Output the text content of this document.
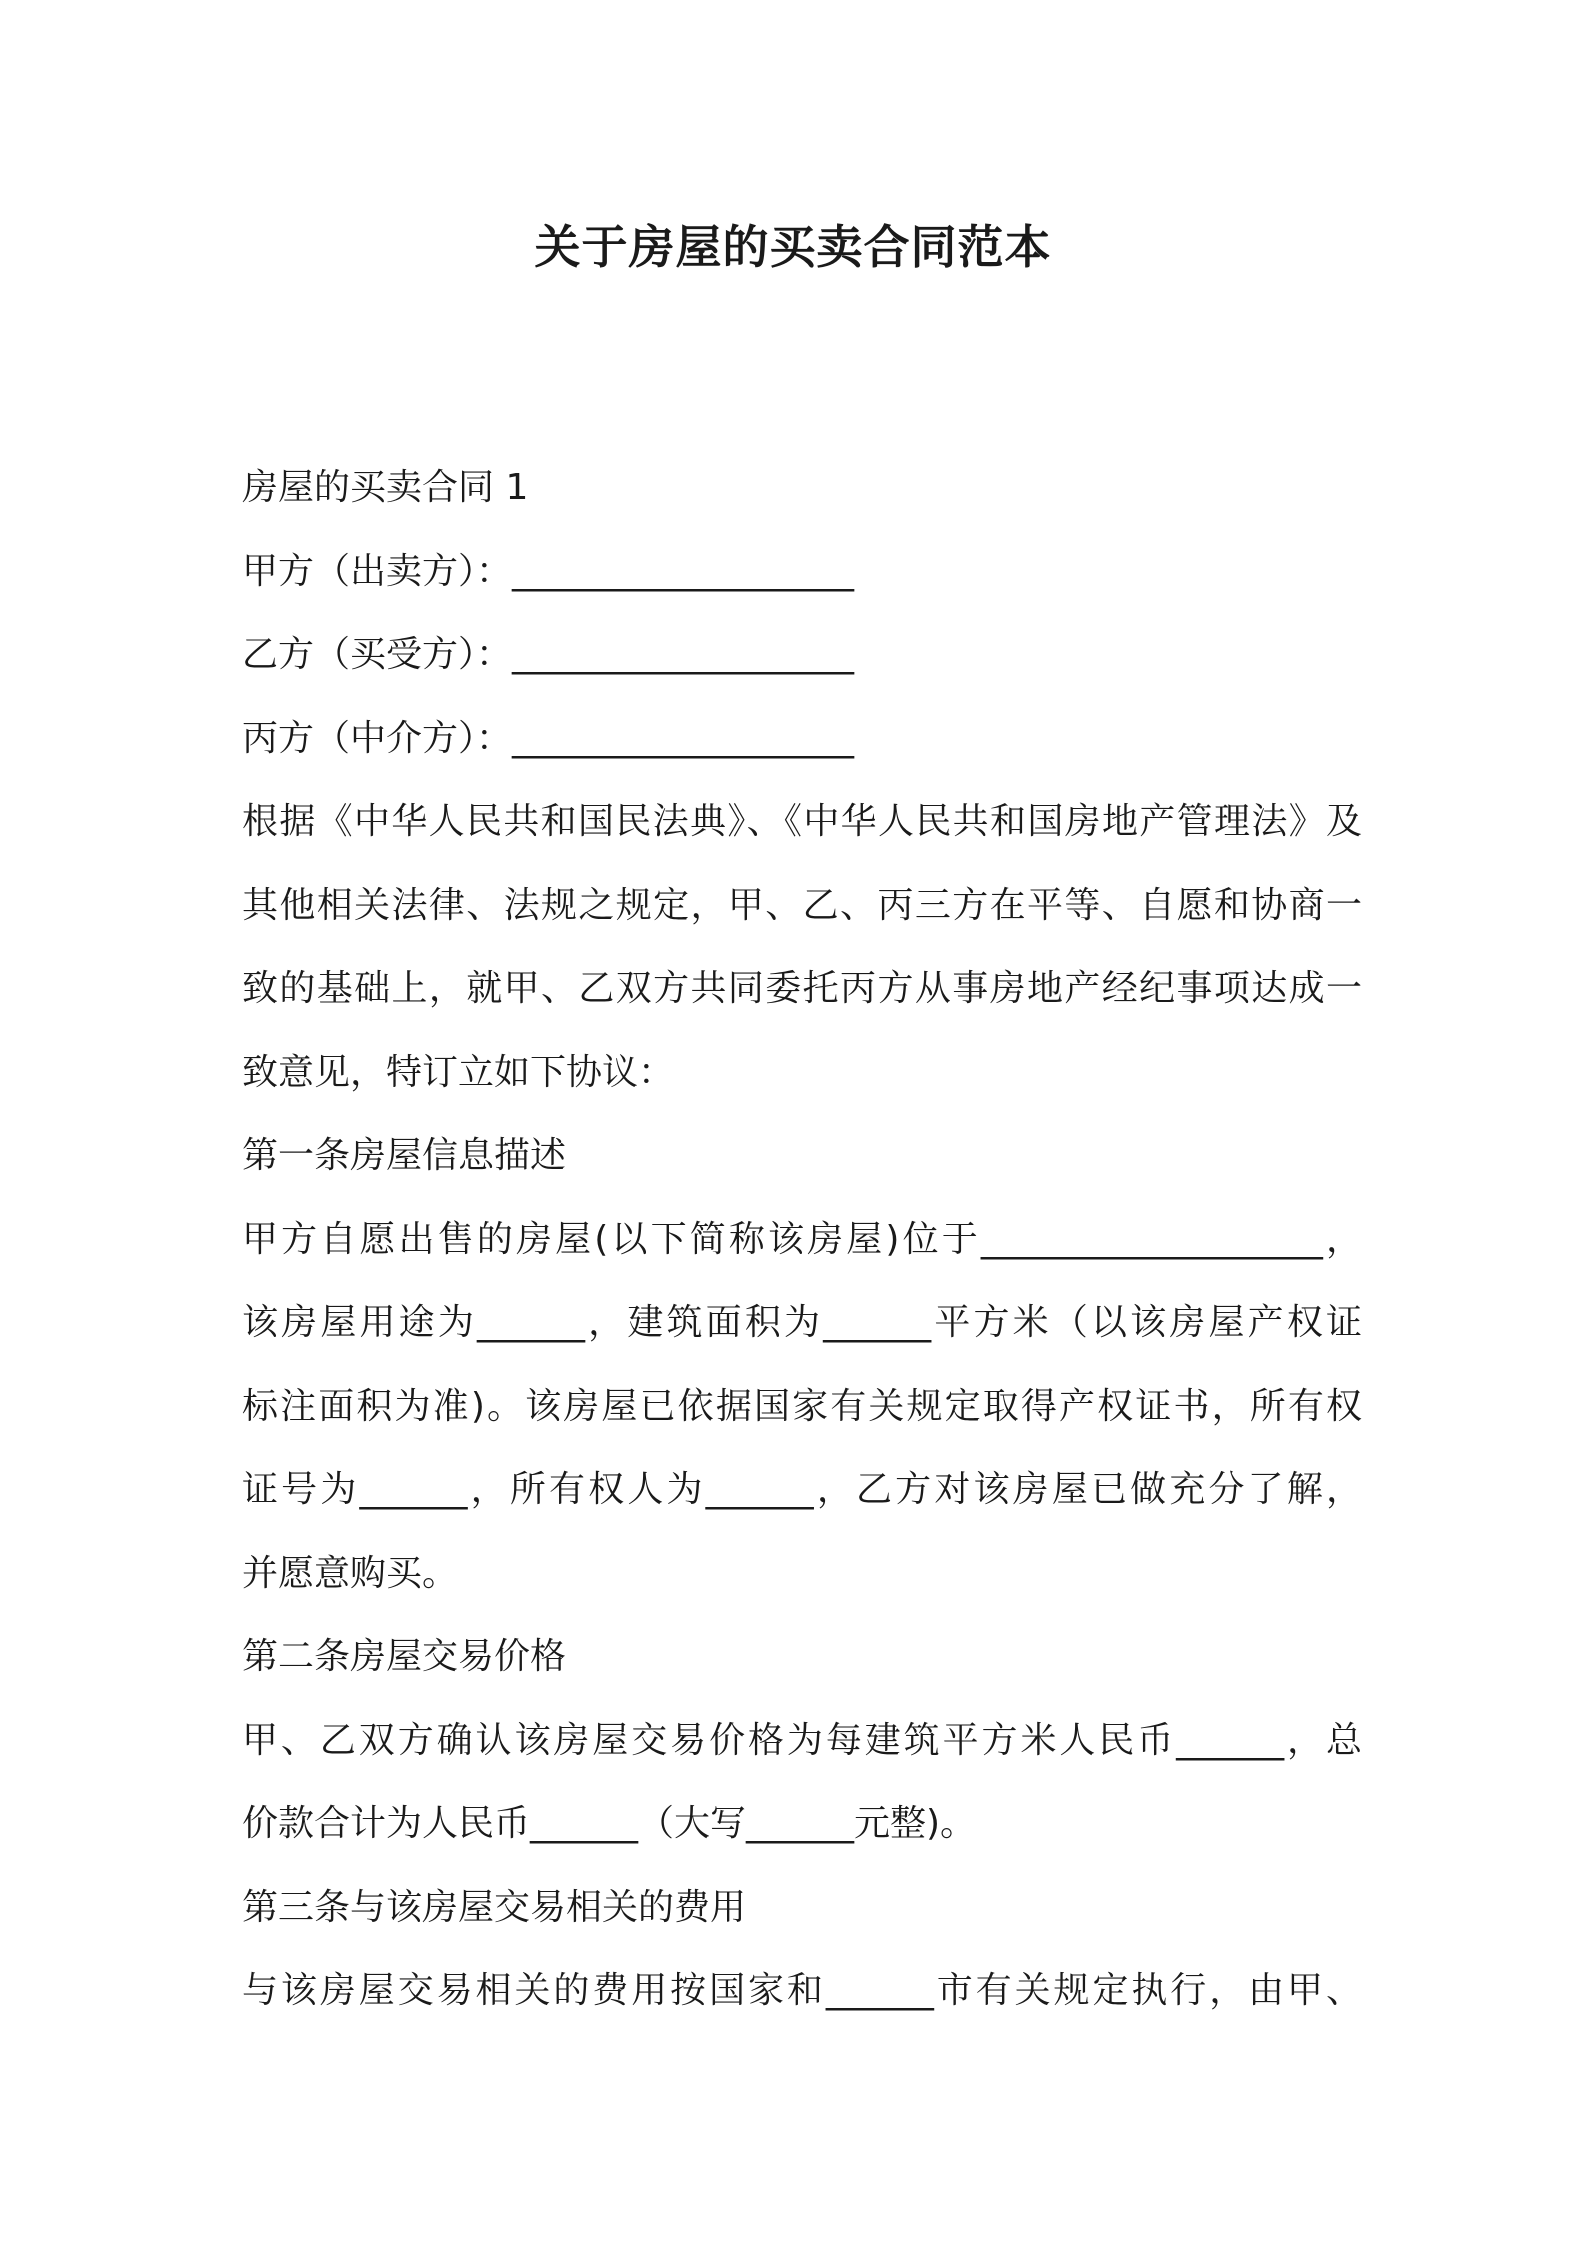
关于房屋的买卖合同范本
房屋的买卖合同 1
甲方（出卖方）：___________________
乙方（买受方）：___________________
丙方（中介方）：___________________
根据《中华人民共和国民法典》、《中华人民共和国房地产管理法》及
其他相关法律、法规之规定，甲、乙、丙三方在平等、自愿和协商一
致的基础上，就甲、乙双方共同委托丙方从事房地产经纪事项达成一
致意见，特订立如下协议：
第一条房屋信息描述
甲方自愿出售的房屋(以下简称该房屋)位于___________________，
该房屋用途为______，建筑面积为______平方米（以该房屋产权证
标注面积为准)。该房屋已依据国家有关规定取得产权证书，所有权
证号为______，所有权人为______，乙方对该房屋已做充分了解，
并愿意购买。
第二条房屋交易价格
甲、乙双方确认该房屋交易价格为每建筑平方米人民币______，总
价款合计为人民币______（大写______元整)。
第三条与该房屋交易相关的费用
与该房屋交易相关的费用按国家和______市有关规定执行，由甲、
